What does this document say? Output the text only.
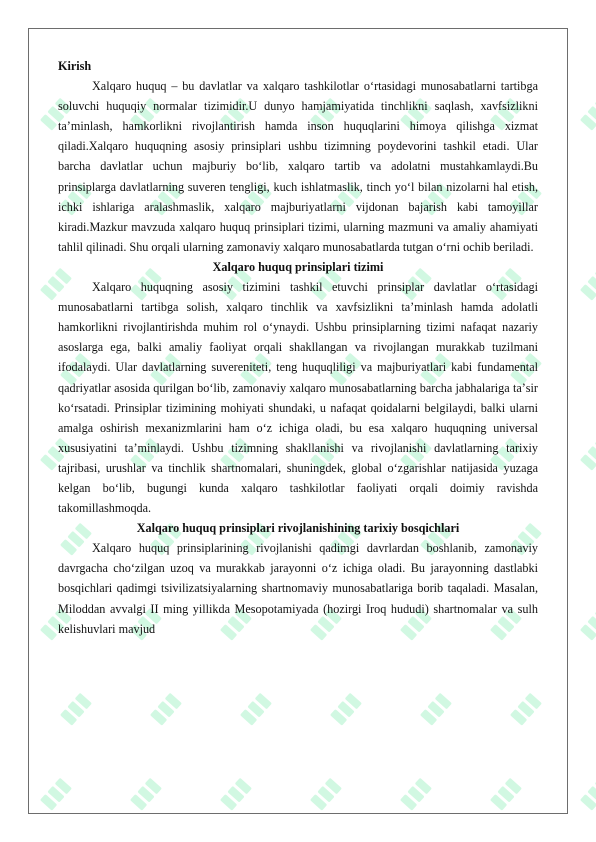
Kirish

Xalqaro huquq – bu davlatlar va xalqaro tashkilotlar o‘rtasidagi munosabatlarni tartibga soluvchi huquqiy normalar tizimidir.U dunyo hamjamiyatida tinchlikni saqlash, xavfsizlikni ta’minlash, hamkorlikni rivojlantirish hamda inson huquqlarini himoya qilishga xizmat qiladi.Xalqaro huquqning asosiy prinsiplari ushbu tizimning poydevorini tashkil etadi. Ular barcha davlatlar uchun majburiy bo‘lib, xalqaro tartib va adolatni mustahkamlaydi.Bu prinsiplarga davlatlarning suveren tengligi, kuch ishlatmaslik, tinch yo‘l bilan nizolarni hal etish, ichki ishlariga aralashmaslik, xalqaro majburiyatlarni vijdonan bajarish kabi tamoyillar kiradi.Mazkur mavzuda xalqaro huquq prinsiplari tizimi, ularning mazmuni va amaliy ahamiyati tahlil qilinadi. Shu orqali ularning zamonaviy xalqaro munosabatlarda tutgan o‘rni ochib beriladi.

Xalqaro huquq prinsiplari tizimi

Xalqaro huquqning asosiy tizimini tashkil etuvchi prinsiplar davlatlar o‘rtasidagi munosabatlarni tartibga solish, xalqaro tinchlik va xavfsizlikni taʼminlash hamda adolatli hamkorlikni rivojlantirishda muhim rol oʻynaydi. Ushbu prinsiplarning tizimi nafaqat nazariy asoslarga ega, balki amaliy faoliyat orqali shakllangan va rivojlangan murakkab tuzilmani ifodalaydi. Ular davlatlarning suvereniteti, teng huquqliligi va majburiyatlari kabi fundamental qadriyatlar asosida qurilgan bo‘lib, zamonaviy xalqaro munosabatlarning barcha jabhalariga taʼsir koʻrsatadi. Prinsiplar tizimining mohiyati shundaki, u nafaqat qoidalarni belgilaydi, balki ularni amalga oshirish mexanizmlarini ham oʻz ichiga oladi, bu esa xalqaro huquqning universal xususiyatini taʼminlaydi. Ushbu tizimning shakllanishi va rivojlanishi davlatlarning tarixiy tajribasi, urushlar va tinchlik shartnomalari, shuningdek, global oʻzgarishlar natijasida yuzaga kelgan boʻlib, bugungi kunda xalqaro tashkilotlar faoliyati orqali doimiy ravishda takomillashmoqda.

Xalqaro huquq prinsiplari rivojlanishining tarixiy bosqichlari

Xalqaro huquq prinsiplarining rivojlanishi qadimgi davrlardan boshlanib, zamonaviy davrgacha cho‘zilgan uzoq va murakkab jarayonni o‘z ichiga oladi. Bu jarayonning dastlabki bosqichlari qadimgi tsivilizatsiyalarning shartnomaviy munosabatlariga borib taqaladi. Masalan, Miloddan avvalgi II ming yillikda Mesopotamiyada (hozirgi Iroq hududi) shartnomalar va sulh kelishuvlari mavjud
